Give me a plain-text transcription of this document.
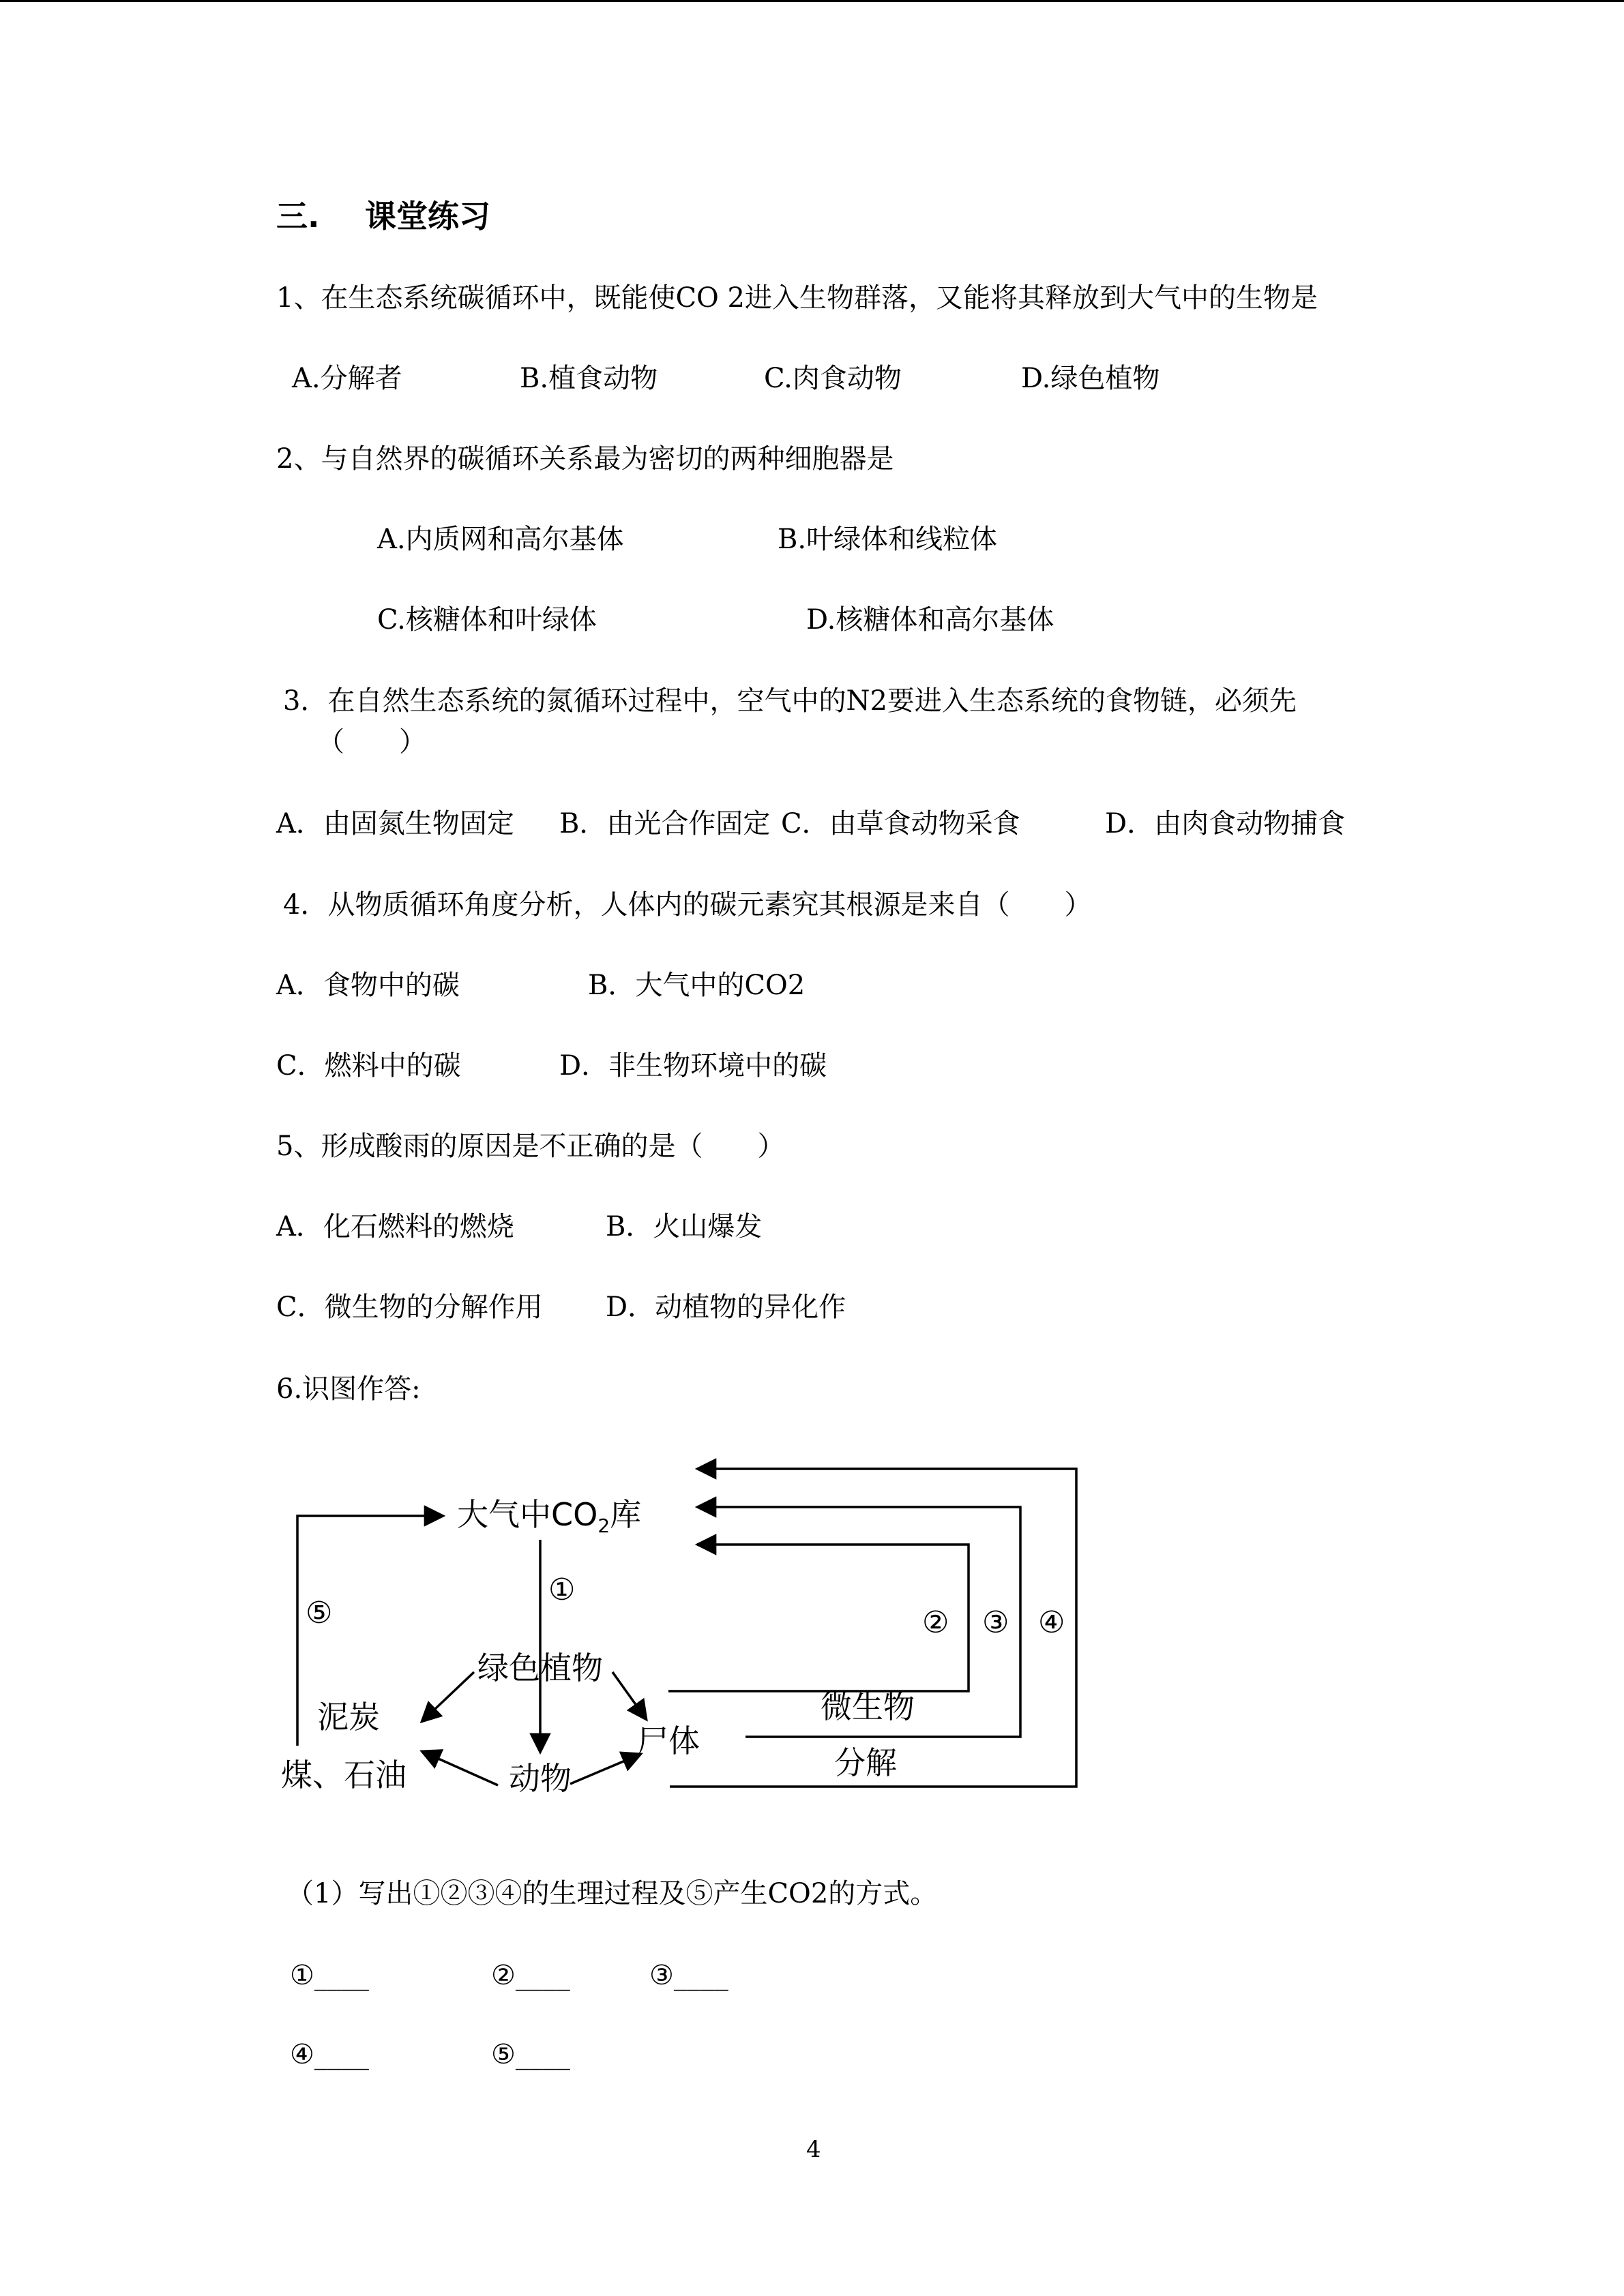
三. 课堂练习
1、在生态系统碳循环中，既能使CO 2进入生物群落，又能将其释放到大气中的生物是
A.分解者	B.植食动物	C.肉食动物	D.绿色植物
2、与自然界的碳循环关系最为密切的两种细胞器是
A.内质网和高尔基体	B.叶绿体和线粒体
C.核糖体和叶绿体	D.核糖体和高尔基体
3．在自然生态系统的氮循环过程中，空气中的N2要进入生态系统的食物链，必须先
（　　）
A．由固氮生物固定 B．由光合作固定 C．由草食动物采食	D．由肉食动物捕食
4．从物质循环角度分析，人体内的碳元素究其根源是来自（　　）
A．食物中的碳	B．大气中的CO2
C．燃料中的碳	D．非生物环境中的碳
5、形成酸雨的原因是不正确的是（　　）
A．化石燃料的燃烧	B．火山爆发
C．微生物的分解作用 D．动植物的异化作
6.识图作答:
大气中$CO_2$库
绿色植物
泥炭
煤、石油	动物
尸体
微生物
分解
①
② ③ ④
⑤
（1）写出①②③④的生理过程及⑤产生CO2的方式。
①____	②____	③____
④____	⑤____
4
